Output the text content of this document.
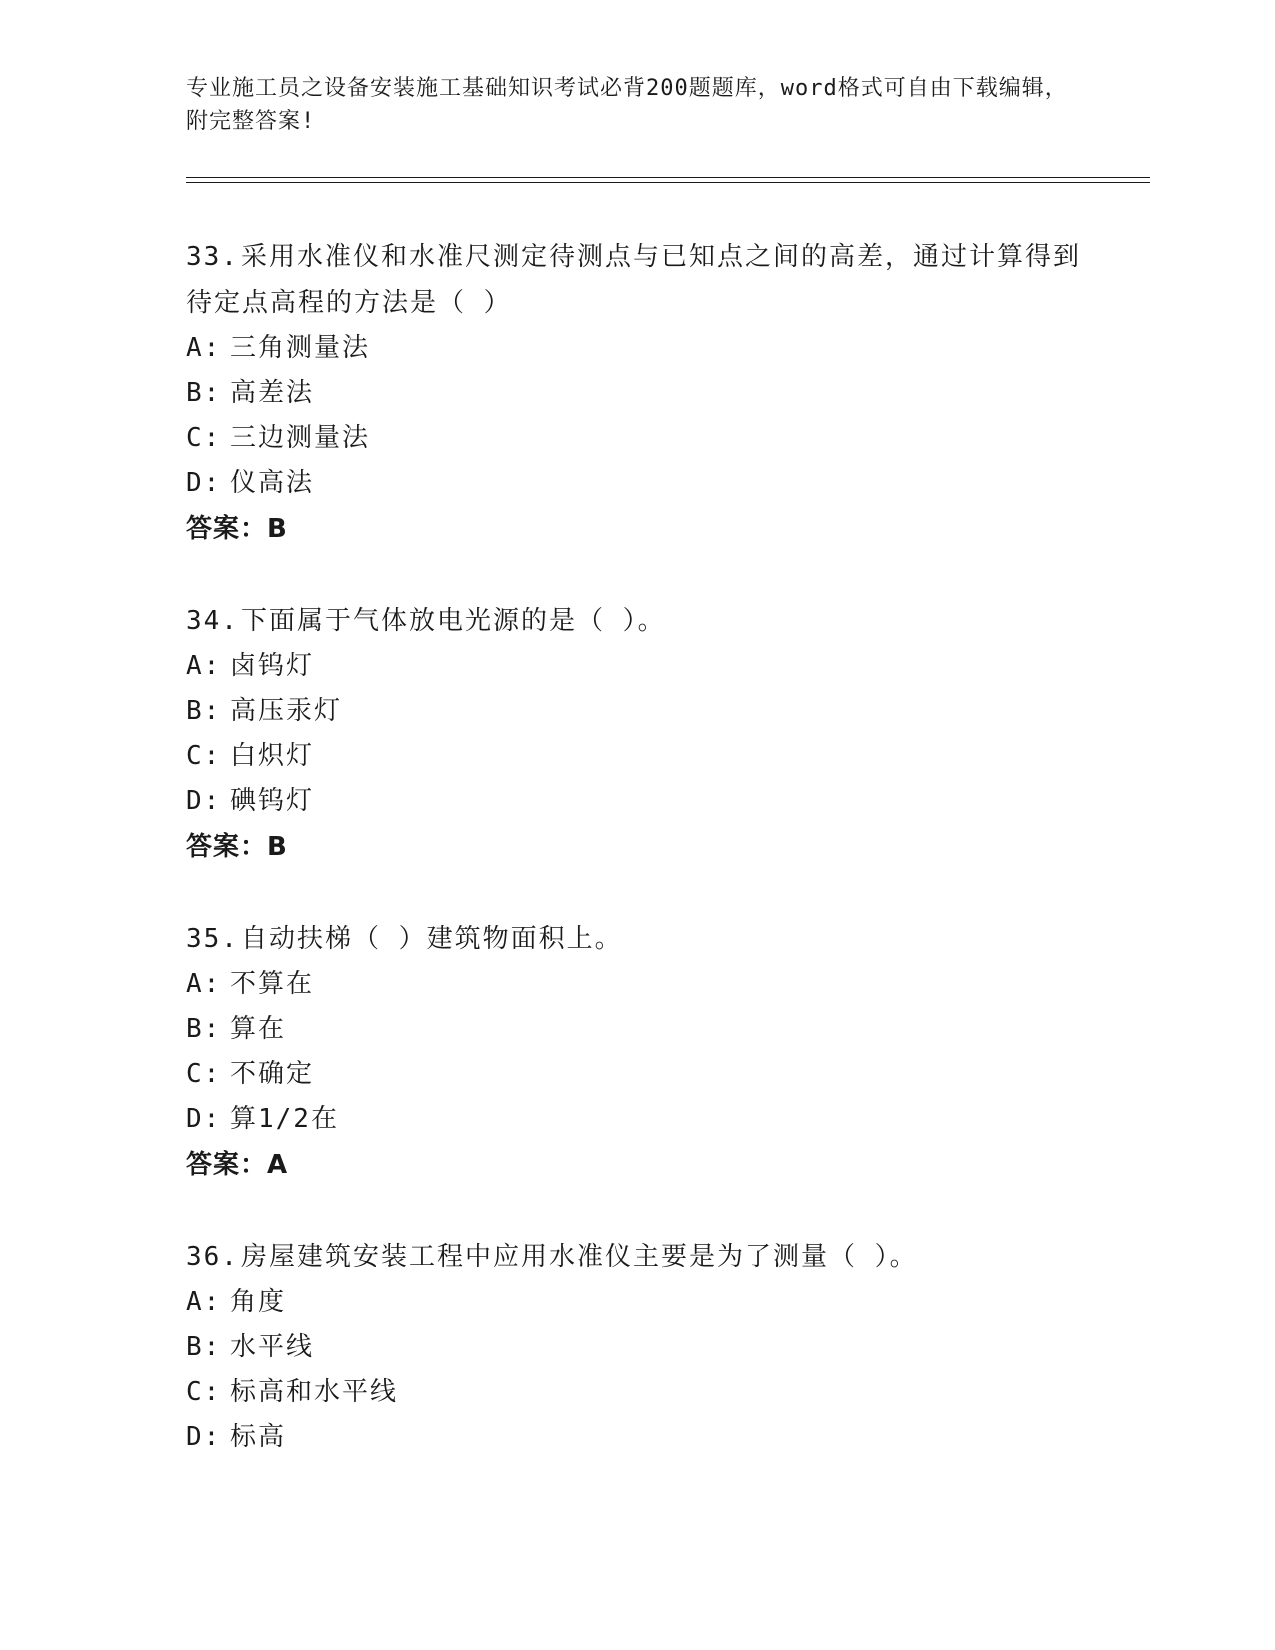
专业施工员之设备安装施工基础知识考试必背200题题库，word格式可自由下载编辑，附完整答案!

33.采用水准仪和水准尺测定待测点与已知点之间的高差，通过计算得到待定点高程的方法是（ ）

A: 三角测量法

B: 高差法

C: 三边测量法

D: 仪高法

答案：B

34.下面属于气体放电光源的是（ ）。

A: 卤钨灯

B: 高压汞灯

C: 白炽灯

D: 碘钨灯

答案：B

35.自动扶梯（ ）建筑物面积上。

A: 不算在

B: 算在

C: 不确定

D: 算1/2在

答案：A

36.房屋建筑安装工程中应用水准仪主要是为了测量（ ）。

A: 角度

B: 水平线

C: 标高和水平线

D: 标高
